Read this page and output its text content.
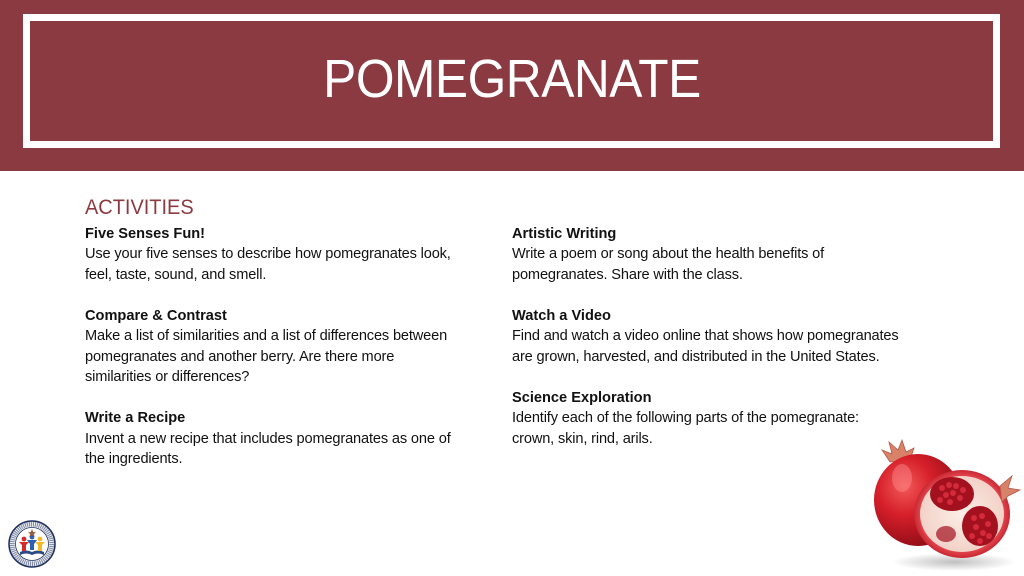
POMEGRANATE
ACTIVITIES
Five Senses Fun!
Use your five senses to describe how pomegranates look,
feel, taste, sound, and smell.
Compare & Contrast
Make a list of similarities and a list of differences between
pomegranates and another berry. Are there more
similarities or differences?
Write a Recipe
Invent a new recipe that includes pomegranates as one of
the ingredients.
Artistic Writing
Write a poem or song about the health benefits of
pomegranates. Share with the class.
Watch a Video
Find and watch a video online that shows how pomegranates
are grown, harvested, and distributed in the United States.
Science Exploration
Identify each of the following parts of the pomegranate:
crown, skin, rind, arils.
